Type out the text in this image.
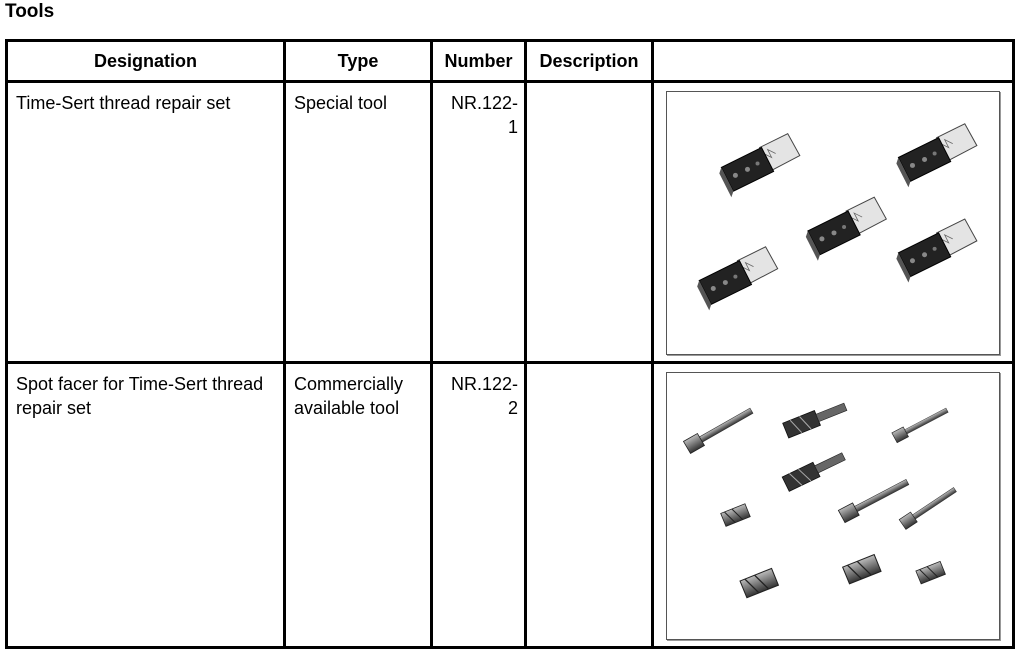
Tools
Designation	Type	Number	Description	

Time-Sert thread repair set	Special tool	NR.122-
1

Spot facer for Time-Sert thread repair set	Commercially available tool	NR.122-
2
